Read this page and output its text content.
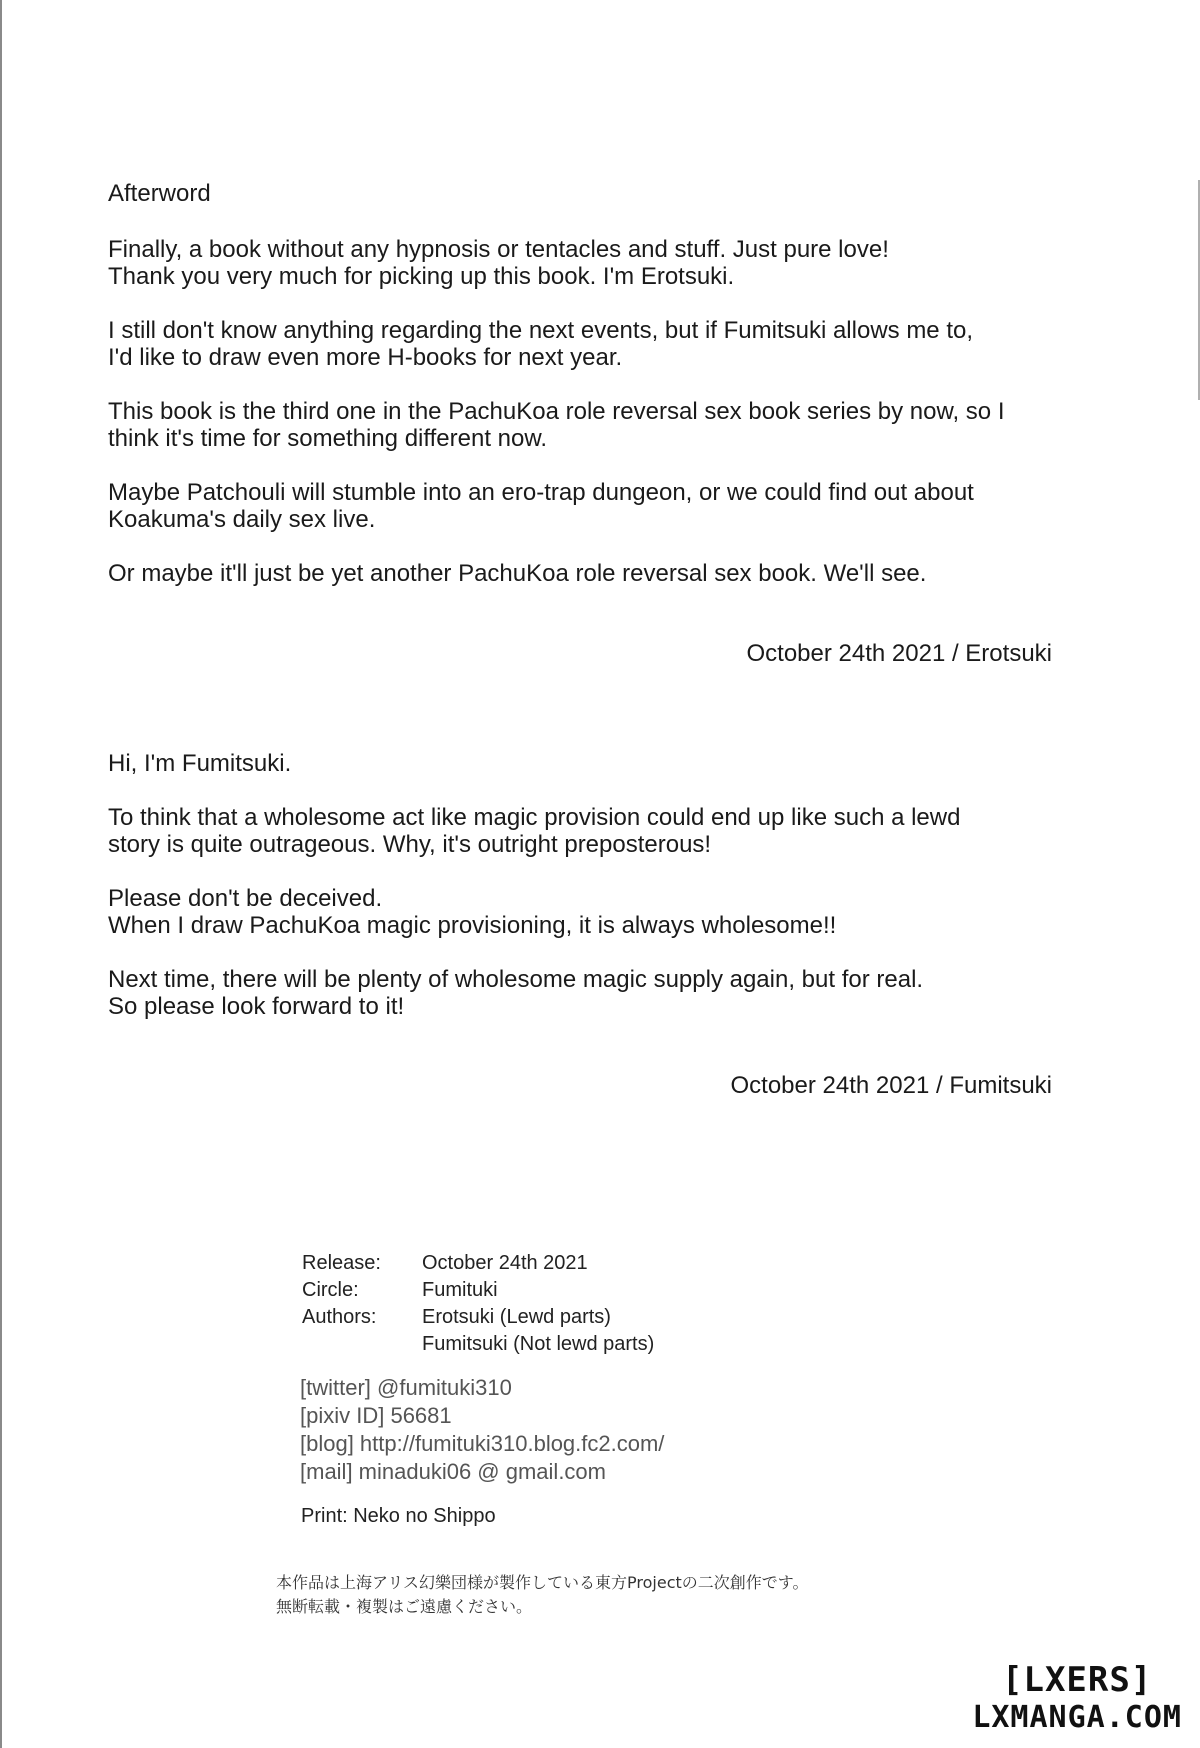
Afterword

Finally, a book without any hypnosis or tentacles and stuff. Just pure love!
Thank you very much for picking up this book. I'm Erotsuki.

I still don't know anything regarding the next events, but if Fumitsuki allows me to,
I'd like to draw even more H-books for next year.

This book is the third one in the PachuKoa role reversal sex book series by now, so I
think it's time for something different now.

Maybe Patchouli will stumble into an ero-trap dungeon, or we could find out about
Koakuma's daily sex live.

Or maybe it'll just be yet another PachuKoa role reversal sex book. We'll see.

October 24th 2021 / Erotsuki

Hi, I'm Fumitsuki.

To think that a wholesome act like magic provision could end up like such a lewd
story is quite outrageous. Why, it's outright preposterous!

Please don't be deceived.
When I draw PachuKoa magic provisioning, it is always wholesome!!

Next time, there will be plenty of wholesome magic supply again, but for real.
So please look forward to it!

October 24th 2021 / Fumitsuki
Release:	October 24th 2021
Circle:	Fumituki
Authors:	Erotsuki (Lewd parts)
Fumitsuki (Not lewd parts)
[twitter] @fumituki310
[pixiv ID] 56681
[blog] http://fumituki310.blog.fc2.com/
[mail] minaduki06 @ gmail.com
Print: Neko no Shippo
本作品は上海アリス幻樂団様が製作している東方Projectの二次創作です。
無断転載・複製はご遠慮ください。
[LXERS]
LXMANGA.COM
